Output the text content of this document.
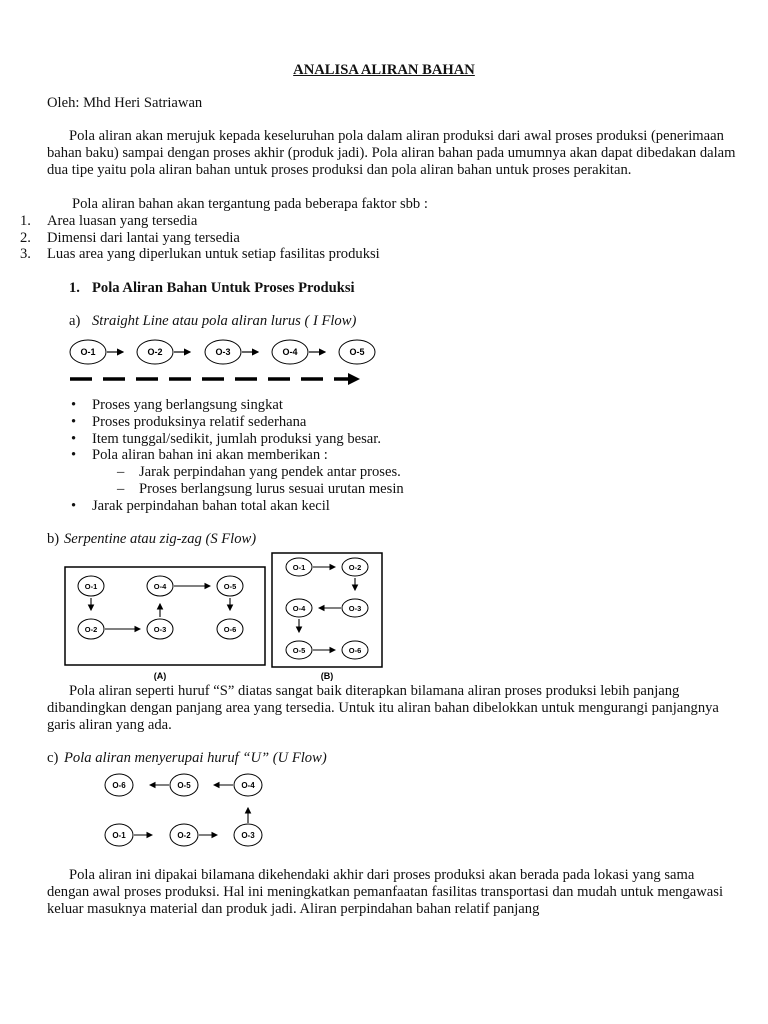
ANALISA ALIRAN BAHAN
Oleh: Mhd Heri Satriawan
Pola aliran akan merujuk kepada keseluruhan pola dalam aliran produksi dari awal proses produksi (penerimaan bahan baku) sampai dengan proses akhir (produk jadi). Pola aliran bahan pada umumnya akan dapat dibedakan dalam dua tipe yaitu pola aliran bahan untuk proses produksi dan pola aliran bahan untuk proses perakitan.
Pola aliran bahan akan tergantung pada beberapa faktor sbb :
1. Area luasan yang tersedia
2. Dimensi dari lantai yang tersedia
3. Luas area yang diperlukan untuk setiap fasilitas produksi
1. Pola Aliran Bahan Untuk Proses Produksi
a) Straight Line atau pola aliran lurus ( I Flow)
O-1	O-2	O-3	O-4	O-5
• Proses yang berlangsung singkat
• Proses produksinya relatif sederhana
• Item tunggal/sedikit, jumlah produksi yang besar.
• Pola aliran bahan ini akan memberikan :
– Jarak perpindahan yang pendek antar proses.
– Proses berlangsung lurus sesuai urutan mesin
• Jarak perpindahan bahan total akan kecil
b) Serpentine atau zig-zag (S Flow)
O-1	O-4	O-5
O-2	O-3	O-6
(A)
O-1	O-2
O-4	O-3
O-5	O-6
(B)
Pola aliran seperti huruf “S” diatas sangat baik diterapkan bilamana aliran proses produksi lebih panjang dibandingkan dengan panjang area yang tersedia. Untuk itu aliran bahan dibelokkan untuk mengurangi panjangnya garis aliran yang ada.
c) Pola aliran menyerupai huruf “U” (U Flow)
O-6	O-5	O-4
O-1	O-2	O-3
Pola aliran ini dipakai bilamana dikehendaki akhir dari proses produksi akan berada pada lokasi yang sama dengan awal proses produksi. Hal ini meningkatkan pemanfaatan fasilitas transportasi dan mudah untuk mengawasi keluar masuknya material dan produk jadi. Aliran perpindahan bahan relatif panjang
